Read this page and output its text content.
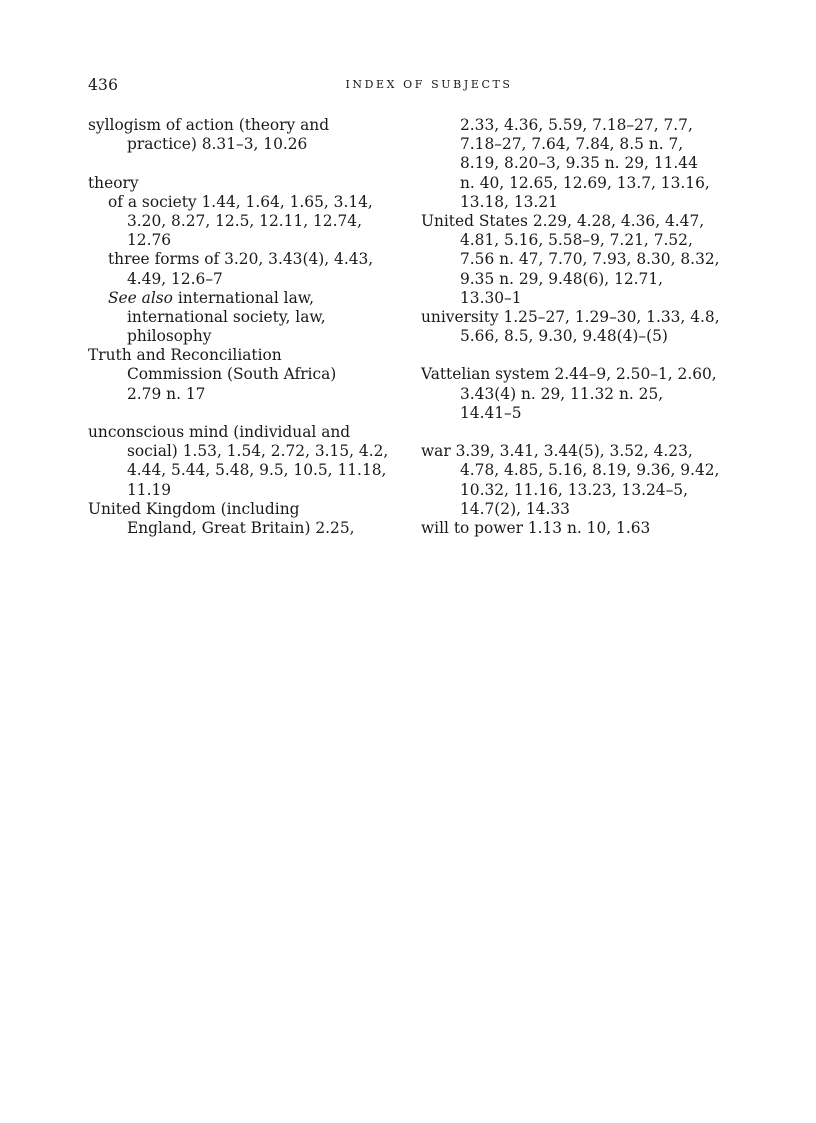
436	INDEX OF SUBJECTS
syllogism of action (theory and
practice) 8.31–3, 10.26
theory
of a society 1.44, 1.64, 1.65, 3.14,
3.20, 8.27, 12.5, 12.11, 12.74,
12.76
three forms of 3.20, 3.43(4), 4.43,
4.49, 12.6–7
See also international law,
international society, law,
philosophy
Truth and Reconciliation
Commission (South Africa)
2.79 n. 17
unconscious mind (individual and
social) 1.53, 1.54, 2.72, 3.15, 4.2,
4.44, 5.44, 5.48, 9.5, 10.5, 11.18,
11.19
United Kingdom (including
England, Great Britain) 2.25,
2.33, 4.36, 5.59, 7.18–27, 7.7,
7.18–27, 7.64, 7.84, 8.5 n. 7,
8.19, 8.20–3, 9.35 n. 29, 11.44
n. 40, 12.65, 12.69, 13.7, 13.16,
13.18, 13.21
United States 2.29, 4.28, 4.36, 4.47,
4.81, 5.16, 5.58–9, 7.21, 7.52,
7.56 n. 47, 7.70, 7.93, 8.30, 8.32,
9.35 n. 29, 9.48(6), 12.71,
13.30–1
university 1.25–27, 1.29–30, 1.33, 4.8,
5.66, 8.5, 9.30, 9.48(4)–(5)
Vattelian system 2.44–9, 2.50–1, 2.60,
3.43(4) n. 29, 11.32 n. 25,
14.41–5
war 3.39, 3.41, 3.44(5), 3.52, 4.23,
4.78, 4.85, 5.16, 8.19, 9.36, 9.42,
10.32, 11.16, 13.23, 13.24–5,
14.7(2), 14.33
will to power 1.13 n. 10, 1.63
